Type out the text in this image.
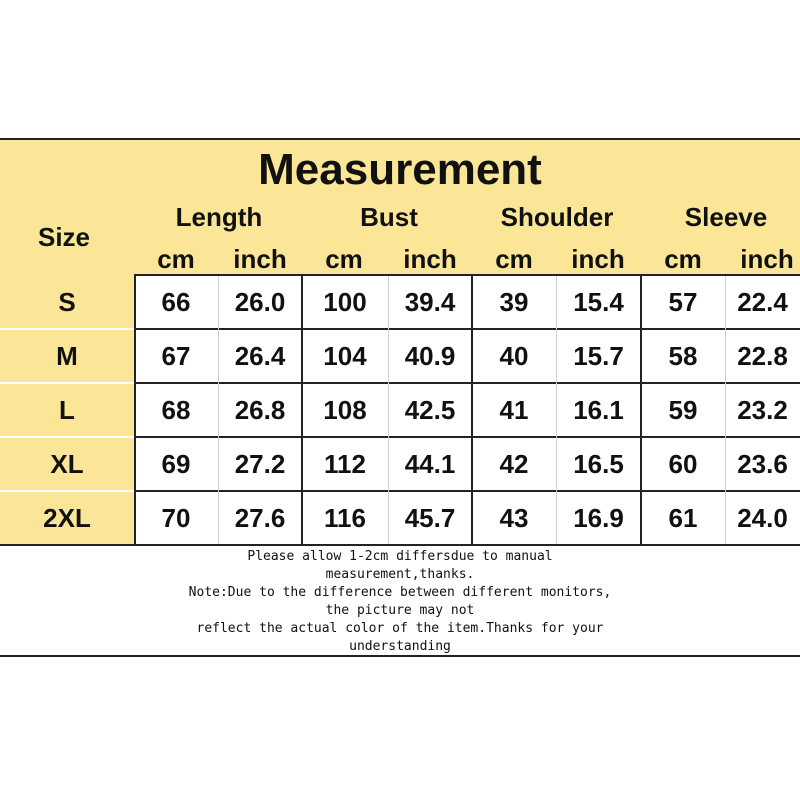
Measurement
Size
Length	Bust	Shoulder	Sleeve
cm	inch	cm	inch	cm	inch	cm	inch
S	66	26.0	100	39.4	39	15.4	57	22.4
M	67	26.4	104	40.9	40	15.7	58	22.8
L	68	26.8	108	42.5	41	16.1	59	23.2
XL	69	27.2	112	44.1	42	16.5	60	23.6
2XL	70	27.6	116	45.7	43	16.9	61	24.0
Please allow 1-2cm differsdue to manual
measurement,thanks.
Note:Due to the difference between different monitors,
the picture may not
reflect the actual color of the item.Thanks for your
understanding
